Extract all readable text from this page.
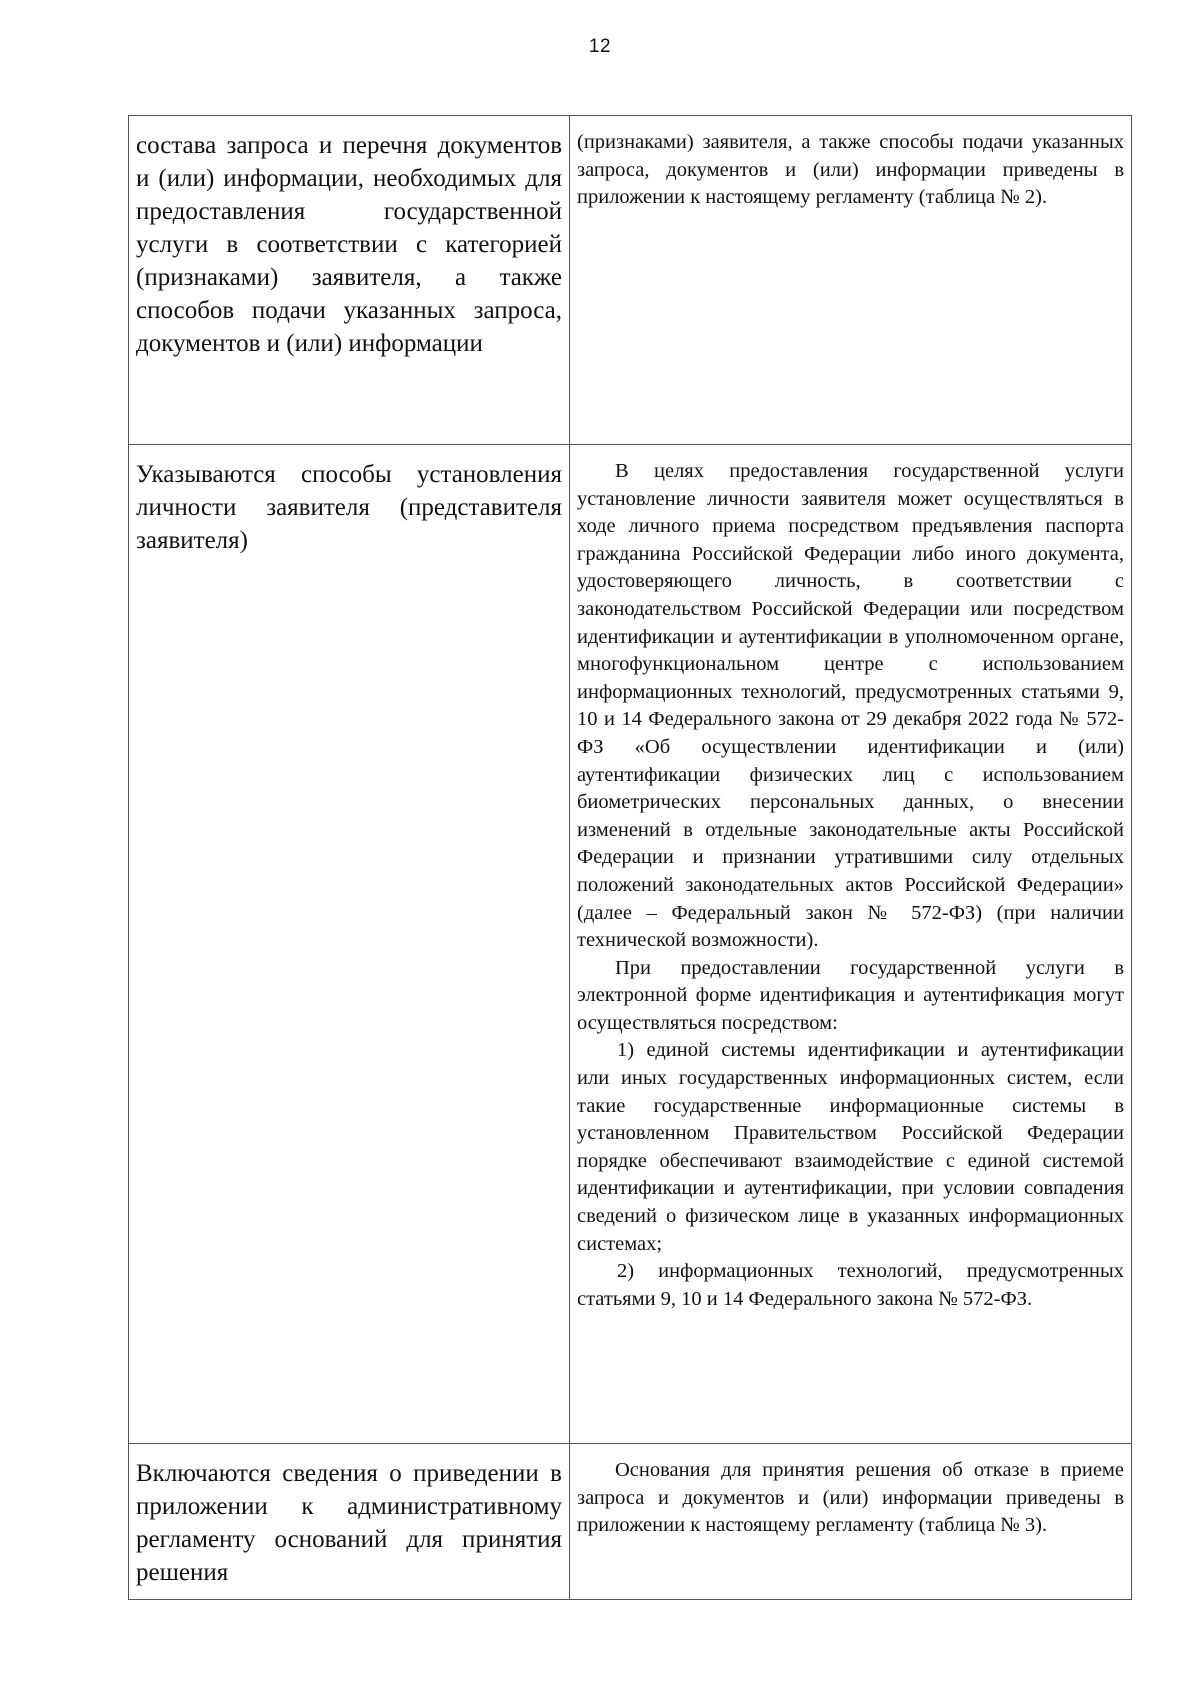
12

состава запроса и перечня документов и (или) информации, необходимых для предоставления государственной услуги в соответствии с категорией (признаками) заявителя, а также способов подачи указанных запроса, документов и (или) информации	(признаками) заявителя, а также способы подачи указанных запроса, документов и (или) информации приведены в приложении к настоящему регламенту (таблица № 2).

Указываются способы установления личности заявителя (представителя заявителя)	В целях предоставления государственной услуги установление личности заявителя может осуществляться в ходе личного приема посредством предъявления паспорта гражданина Российской Федерации либо иного документа, удостоверяющего личность, в соответствии с законодательством Российской Федерации или посредством идентификации и аутентификации в уполномоченном органе, многофункциональном центре с использованием информационных технологий, предусмотренных статьями 9, 10 и 14 Федерального закона от 29 декабря 2022 года № 572-ФЗ «Об осуществлении идентификации и (или) аутентификации физических лиц с использованием биометрических персональных данных, о внесении изменений в отдельные законодательные акты Российской Федерации и признании утратившими силу отдельных положений законодательных актов Российской Федерации» (далее – Федеральный закон № 572-ФЗ) (при наличии технической возможности).

При предоставлении государственной услуги в электронной форме идентификация и аутентификация могут осуществляться посредством:

1) единой системы идентификации и аутентификации или иных государственных информационных систем, если такие государственные информационные системы в установленном Правительством Российской Федерации порядке обеспечивают взаимодействие с единой системой идентификации и аутентификации, при условии совпадения сведений о физическом лице в указанных информационных системах;

2) информационных технологий, предусмотренных статьями 9, 10 и 14 Федерального закона № 572-ФЗ.

Включаются сведения о приведении в приложении к административному регламенту оснований для принятия решения	Основания для принятия решения об отказе в приеме запроса и документов и (или) информации приведены в приложении к настоящему регламенту (таблица № 3).
